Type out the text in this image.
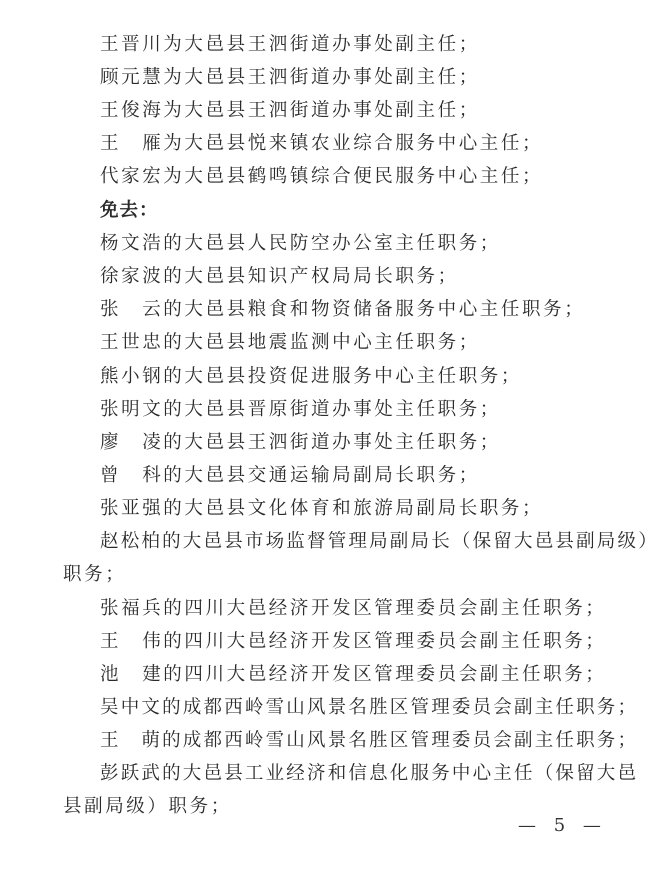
王晋川为大邑县王泗街道办事处副主任；
顾元慧为大邑县王泗街道办事处副主任；
王俊海为大邑县王泗街道办事处副主任；
王　雁为大邑县悦来镇农业综合服务中心主任；
代家宏为大邑县鹤鸣镇综合便民服务中心主任；
免去：
杨文浩的大邑县人民防空办公室主任职务；
徐家波的大邑县知识产权局局长职务；
张　云的大邑县粮食和物资储备服务中心主任职务；
王世忠的大邑县地震监测中心主任职务；
熊小钢的大邑县投资促进服务中心主任职务；
张明文的大邑县晋原街道办事处主任职务；
廖　凌的大邑县王泗街道办事处主任职务；
曾　科的大邑县交通运输局副局长职务；
张亚强的大邑县文化体育和旅游局副局长职务；
赵松柏的大邑县市场监督管理局副局长（保留大邑县副局级）
职务；
张福兵的四川大邑经济开发区管理委员会副主任职务；
王　伟的四川大邑经济开发区管理委员会副主任职务；
池　建的四川大邑经济开发区管理委员会副主任职务；
吴中文的成都西岭雪山风景名胜区管理委员会副主任职务；
王　萌的成都西岭雪山风景名胜区管理委员会副主任职务；
彭跃武的大邑县工业经济和信息化服务中心主任（保留大邑
县副局级）职务；
— 5 —
